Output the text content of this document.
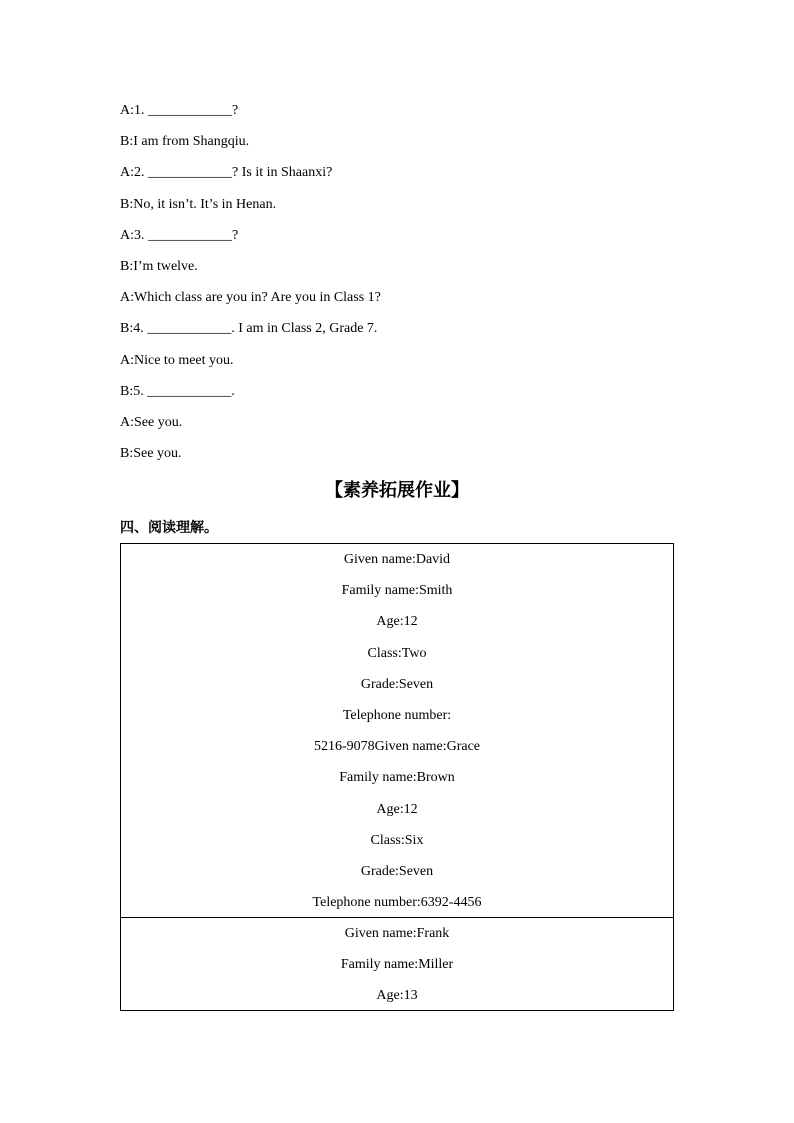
A:1. ____________?
B:I am from Shangqiu.
A:2. ____________? Is it in Shaanxi?
B:No, it isn’t. It’s in Henan.
A:3. ____________?
B:I’m twelve.
A:Which class are you in? Are you in Class 1?
B:4. ____________. I am in Class 2, Grade 7.
A:Nice to meet you.
B:5. ____________.
A:See you.
B:See you.
【素养拓展作业】
四、阅读理解。
Given name:David
Family name:Smith
Age:12
Class:Two
Grade:Seven
Telephone number:
5216-9078Given name:Grace
Family name:Brown
Age:12
Class:Six
Grade:Seven
Telephone number:6392-4456
Given name:Frank
Family name:Miller
Age:13
